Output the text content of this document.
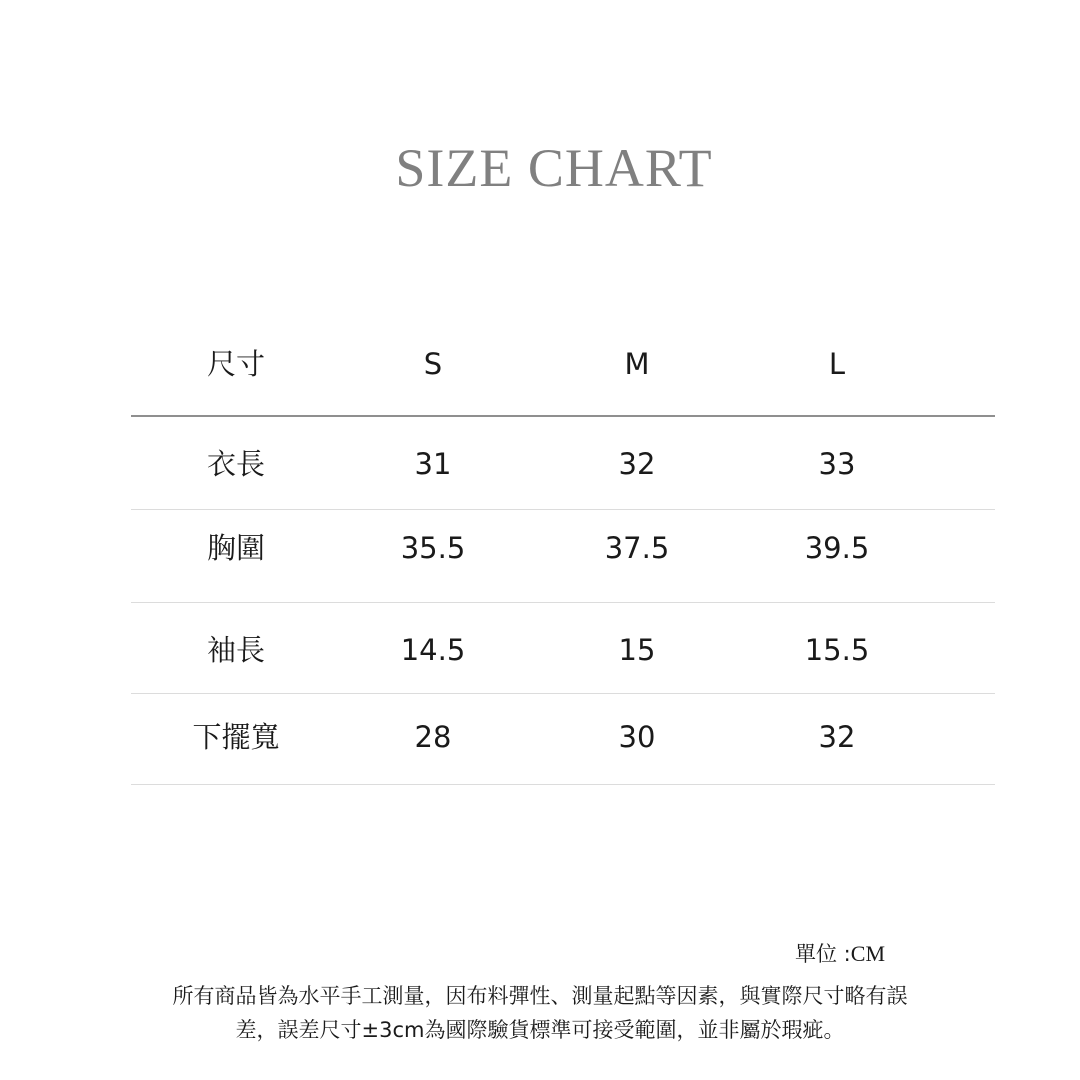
SIZE CHART
尺寸	S	M	L
衣長	31	32	33
胸圍	35.5	37.5	39.5
袖長	14.5	15	15.5
下擺寬	28	30	32
單位 :CM
所有商品皆為水平手工測量，因布料彈性、測量起點等因素，與實際尺寸略有誤差，誤差尺寸±3cm為國際驗貨標準可接受範圍，並非屬於瑕疵。
